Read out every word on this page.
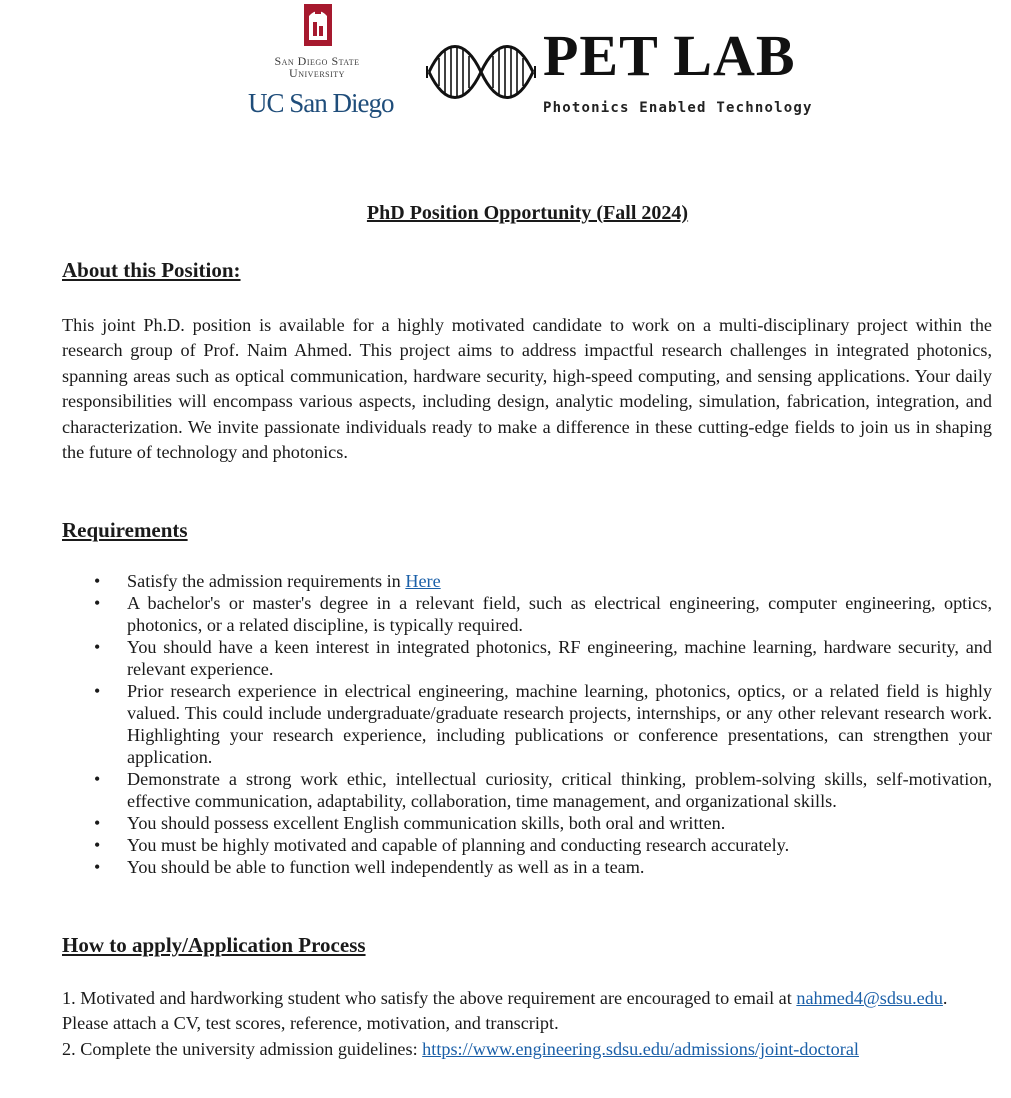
San Diego State
University
UC San Diego
PET LAB
Photonics Enabled Technology
PhD Position Opportunity (Fall 2024)
About this Position:

This joint Ph.D. position is available for a highly motivated candidate to work on a multi-disciplinary project within the research group of Prof. Naim Ahmed. This project aims to address impactful research challenges in integrated photonics, spanning areas such as optical communication, hardware security, high-speed computing, and sensing applications. Your daily responsibilities will encompass various aspects, including design, analytic modeling, simulation, fabrication, integration, and characterization. We invite passionate individuals ready to make a difference in these cutting-edge fields to join us in shaping the future of technology and photonics.

Requirements
• Satisfy the admission requirements in Here
• A bachelor's or master's degree in a relevant field, such as electrical engineering, computer engineering, optics, photonics, or a related discipline, is typically required.
• You should have a keen interest in integrated photonics, RF engineering, machine learning, hardware security, and relevant experience.
• Prior research experience in electrical engineering, machine learning, photonics, optics, or a related field is highly valued. This could include undergraduate/graduate research projects, internships, or any other relevant research work. Highlighting your research experience, including publications or conference presentations, can strengthen your application.
• Demonstrate a strong work ethic, intellectual curiosity, critical thinking, problem-solving skills, self-motivation, effective communication, adaptability, collaboration, time management, and organizational skills.
• You should possess excellent English communication skills, both oral and written.
• You must be highly motivated and capable of planning and conducting research accurately.
• You should be able to function well independently as well as in a team.
How to apply/Application Process

1. Motivated and hardworking student who satisfy the above requirement are encouraged to email at nahmed4@sdsu.edu. Please attach a CV, test scores, reference, motivation, and transcript.

2. Complete the university admission guidelines: https://www.engineering.sdsu.edu/admissions/joint-doctoral
